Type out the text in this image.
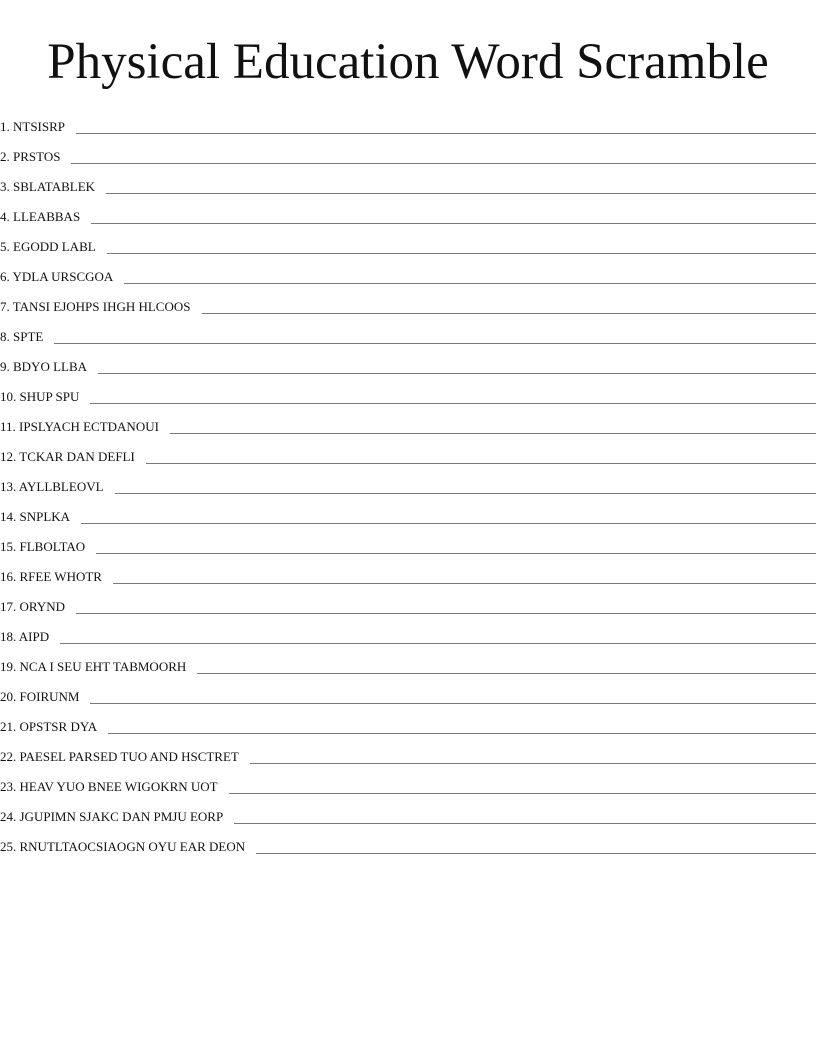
Physical Education Word Scramble
1. NTSISRP
2. PRSTOS
3. SBLATABLEK
4. LLEABBAS
5. EGODD LABL
6. YDLA URSCGOA
7. TANSI EJOHPS IHGH HLCOOS
8. SPTE
9. BDYO LLBA
10. SHUP SPU
11. IPSLYACH ECTDANOUI
12. TCKAR DAN DEFLI
13. AYLLBLEOVL
14. SNPLKA
15. FLBOLTAO
16. RFEE WHOTR
17. ORYND
18. AIPD
19. NCA I SEU EHT TABMOORH
20. FOIRUNM
21. OPSTSR DYA
22. PAESEL PARSED TUO AND HSCTRET
23. HEAV YUO BNEE WIGOKRN UOT
24. JGUPIMN SJAKC DAN PMJU EORP
25. RNUTLTAOCSIAOGN OYU EAR DEON
